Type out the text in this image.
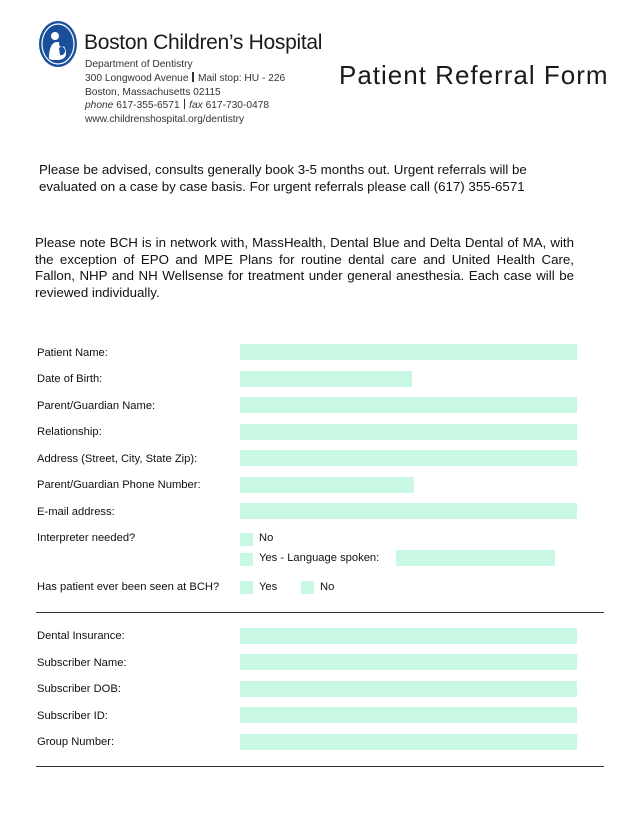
Boston Children’s Hospital
Department of Dentistry
300 Longwood Avenue Mail stop: HU - 226
Boston, Massachusetts 02115
phone 617-355-6571 fax 617-730-0478
www.childrenshospital.org/dentistry
Patient Referral Form
Please be advised, consults generally book 3-5 months out. Urgent referrals will be evaluated on a case by case basis. For urgent referrals please call (617) 355-6571
Please note BCH is in network with, MassHealth, Dental Blue and Delta Dental of MA, with the exception of EPO and MPE Plans for routine dental care and United Health Care, Fallon, NHP and NH Wellsense for treatment under general anesthesia. Each case will be reviewed individually.
Patient Name:
Date of Birth:
Parent/Guardian Name:
Relationship:
Address (Street, City, State Zip):
Parent/Guardian Phone Number:
E-mail address:
Interpreter needed?	No
Yes - Language spoken:
Has patient ever been seen at BCH?	Yes	No
Dental Insurance:
Subscriber Name:
Subscriber DOB:
Subscriber ID:
Group Number:
